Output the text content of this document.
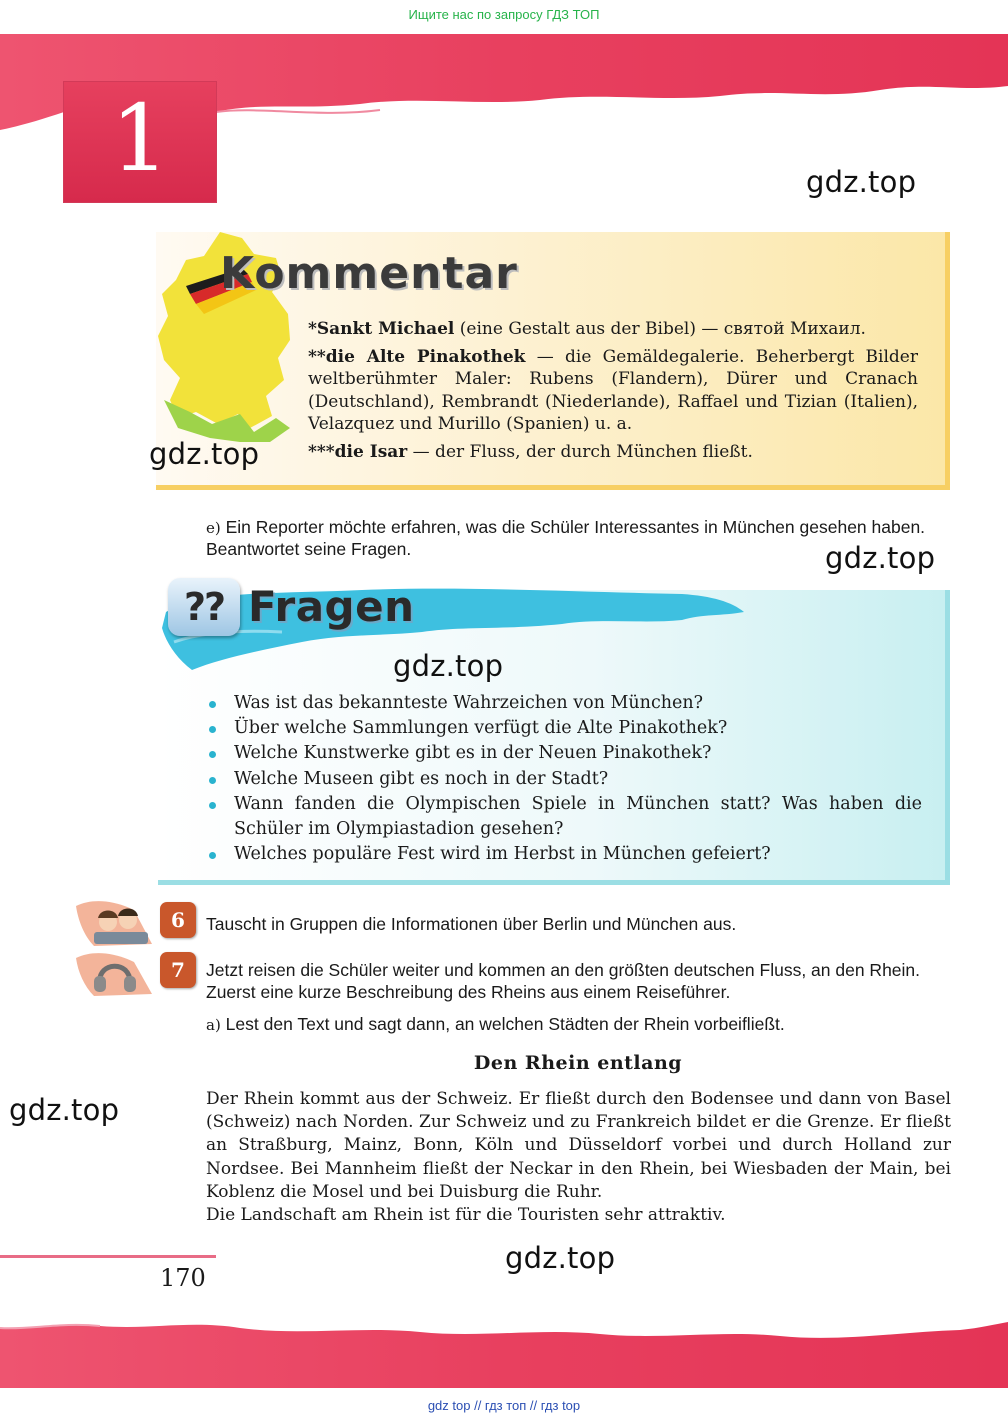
Ищите нас по запросу ГДЗ ТОП
1	gdz.top
Kommentar

*Sankt Michael (eine Gestalt aus der Bibel) — святой Михаил.

**die Alte Pinakothek — die Gemäldegalerie. Beherbergt Bilder weltberühmter Maler: Rubens (Flandern), Dürer und Cranach (Deutschland), Rembrandt (Niederlande), Raffael und Tizian (Italien), Velazquez und Murillo (Spanien) u. a.

***die Isar — der Fluss, der durch München fließt.

gdz.top
e) Ein Reporter möchte erfahren, was die Schüler Interessantes in München gesehen haben. Beantwortet seine Fragen.	gdz.top
?? Fragen
gdz.top
Was ist das bekannteste Wahrzeichen von München?
Über welche Sammlungen verfügt die Alte Pinakothek?
Welche Kunstwerke gibt es in der Neuen Pinakothek?
Welche Museen gibt es noch in der Stadt?
Wann fanden die Olympischen Spiele in München statt? Was haben die Schüler im Olympiastadion gesehen?
Welches populäre Fest wird im Herbst in München gefeiert?
6	Tauscht in Gruppen die Informationen über Berlin und München aus.
7	Jetzt reisen die Schüler weiter und kommen an den größten deutschen Fluss, an den Rhein. Zuerst eine kurze Beschreibung des Rheins aus einem Reiseführer.
a) Lest den Text und sagt dann, an welchen Städten der Rhein vorbeifließt.
Den Rhein entlang
gdz.top	Der Rhein kommt aus der Schweiz. Er fließt durch den Bodensee und dann von Basel (Schweiz) nach Norden. Zur Schweiz und zu Frankreich bildet er die Grenze. Er fließt an Straßburg, Mainz, Bonn, Köln und Düsseldorf vorbei und durch Holland zur Nordsee. Bei Mannheim fließt der Neckar in den Rhein, bei Wiesbaden der Main, bei Koblenz die Mosel und bei Duisburg die Ruhr.
Die Landschaft am Rhein ist für die Touristen sehr attraktiv.
170
gdz.top
gdz top // гдз топ // гдз top
